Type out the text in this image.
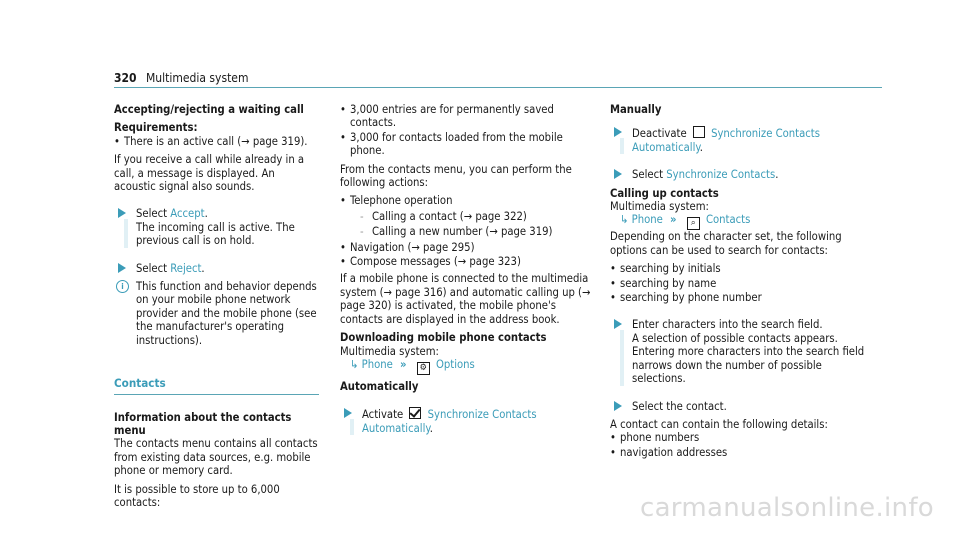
320 Multimedia system

Accepting/rejecting a waiting call

Requirements:

• There is an active call (→ page 319).

If you receive a call while already in a call, a message is displayed. An acoustic signal also sounds.

Select Accept.
The incoming call is active. The previous call is on hold.
Select Reject.
i	This function and behavior depends on your mobile phone network provider and the mobile phone (see the manufacturer's operating instructions).
Contacts

Information about the contacts menu

The contacts menu contains all contacts from existing data sources, e.g. mobile phone or memory card.

It is possible to store up to 6,000 contacts:

• 3,000 entries are for permanently saved contacts.
• 3,000 for contacts loaded from the mobile phone.

From the contacts menu, you can perform the following actions:

• Telephone operation
- Calling a contact (→ page 322)
- Calling a new number (→ page 319)
• Navigation (→ page 295)
• Compose messages (→ page 323)

If a mobile phone is connected to the multimedia system (→ page 316) and automatic calling up (→ page 320) is activated, the mobile phone's contacts are displayed in the address book.

Downloading mobile phone contacts

Multimedia system:

↳ Phone » ⚙ Options

Automatically

Activate  Synchronize Contacts Automatically.

Manually

Deactivate  Synchronize Contacts Automatically.
Select Synchronize Contacts.

Calling up contacts

Multimedia system:

↳ Phone » ⌕ Contacts

Depending on the character set, the following options can be used to search for contacts:

• searching by initials
• searching by name
• searching by phone number
Enter characters into the search field.
A selection of possible contacts appears. Entering more characters into the search field narrows down the number of possible selections.
Select the contact.

A contact can contain the following details:

• phone numbers
• navigation addresses
carmanualsonline.info
